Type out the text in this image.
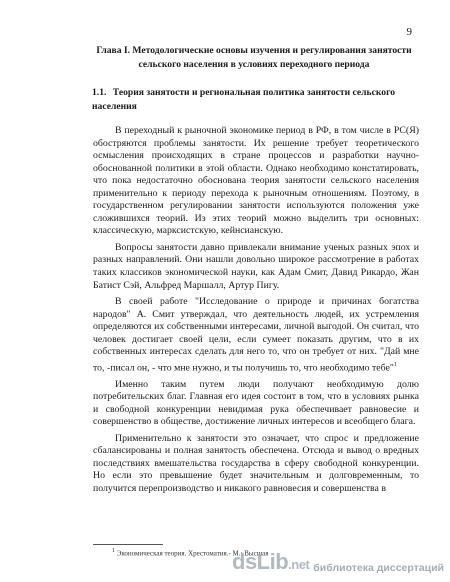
9
Глава I. Методологические основы изучения и регулирования занятости сельского населения в условиях переходного периода
1.1. Теория занятости и региональная политика занятости сельского населения

В переходный к рыночной экономике период в РФ, в том числе в РС(Я) обостряются проблемы занятости. Их решение требует теоретического осмысления происходящих в стране процессов и разработки научно-обоснованной политики в этой области. Однако необходимо констатировать, что пока недостаточно обоснована теория занятости сельского населения применительно к периоду перехода к рыночным отношениям. Поэтому, в государственном регулировании занятости используются положения уже сложившихся теорий. Из этих теорий можно выделить три основных: классическую, марксистскую, кейнсианскую.

Вопросы занятости давно привлекали внимание ученых разных эпох и разных направлений. Они нашли довольно широкое рассмотрение в работах таких классиков экономической науки, как Адам Смит, Давид Рикардо, Жан Батист Сэй, Альфред Маршалл, Артур Пигу.

В своей работе "Исследование о природе и причинах богатства народов" А. Смит утверждал, что деятельность людей, их устремления определяются их собственными интересами, личной выгодой. Он считал, что человек достигает своей цели, если сумеет показать другим, что в их собственных интересах сделать для него то, что он требует от них. "Дай мне то, -писал он, - что мне нужно, и ты получишь то, что необходимо тебе"$^1$

Именно таким путем люди получают необходимую долю потребительских благ. Главная его идея состоит в том, что в условиях рынка и свободной конкуренции невидимая рука обеспечивает равновесие и совершенство в обществе, достижение личных интересов и всеобщего блага.

Применительно к занятости это означает, что спрос и предложение сбалансированы и полная занятость обеспечена. Отсюда и вывод о вредных последствиях вмешательства государства в сферу свободной конкуренции. Но если это превышение будет значительным и долговременным, то получится перепроизводство и никакого равновесия и совершенства в

$^1$ Экономическая теория. Хрестоматия.- М.: Высшая
dsLib.net библиотека диссертаций
